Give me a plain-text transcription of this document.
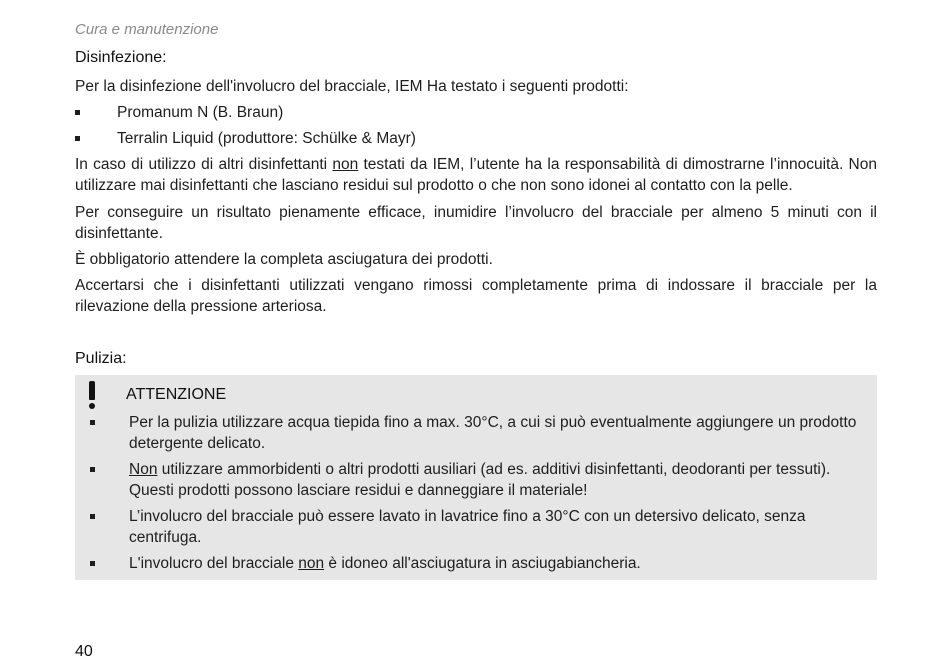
Cura e manutenzione
Disinfezione:
Per la disinfezione dell'involucro del bracciale, IEM Ha testato i seguenti prodotti:
Promanum N (B. Braun)
Terralin Liquid (produttore: Schülke & Mayr)
In caso di utilizzo di altri disinfettanti non testati da IEM, l’utente ha la responsabilità di dimostrarne l’innocuità. Non utilizzare mai disinfettanti che lasciano residui sul prodotto o che non sono idonei al contatto con la pelle.
Per conseguire un risultato pienamente efficace, inumidire l’involucro del bracciale per almeno 5 minuti con il disinfettante.
È obbligatorio attendere la completa asciugatura dei prodotti.
Accertarsi che i disinfettanti utilizzati vengano rimossi completamente prima di indossare il bracciale per la rilevazione della pressione arteriosa.
Pulizia:
ATTENZIONE
Per la pulizia utilizzare acqua tiepida fino a max. 30°C, a cui si può eventualmente aggiungere un prodotto detergente delicato.
Non utilizzare ammorbidenti o altri prodotti ausiliari (ad es. additivi disinfettanti, deodoranti per tessuti). Questi prodotti possono lasciare residui e danneggiare il materiale!
L’involucro del bracciale può essere lavato in lavatrice fino a 30°C con un detersivo delicato, senza centrifuga.
L'involucro del bracciale non è idoneo all'asciugatura in asciugabiancheria.
40
